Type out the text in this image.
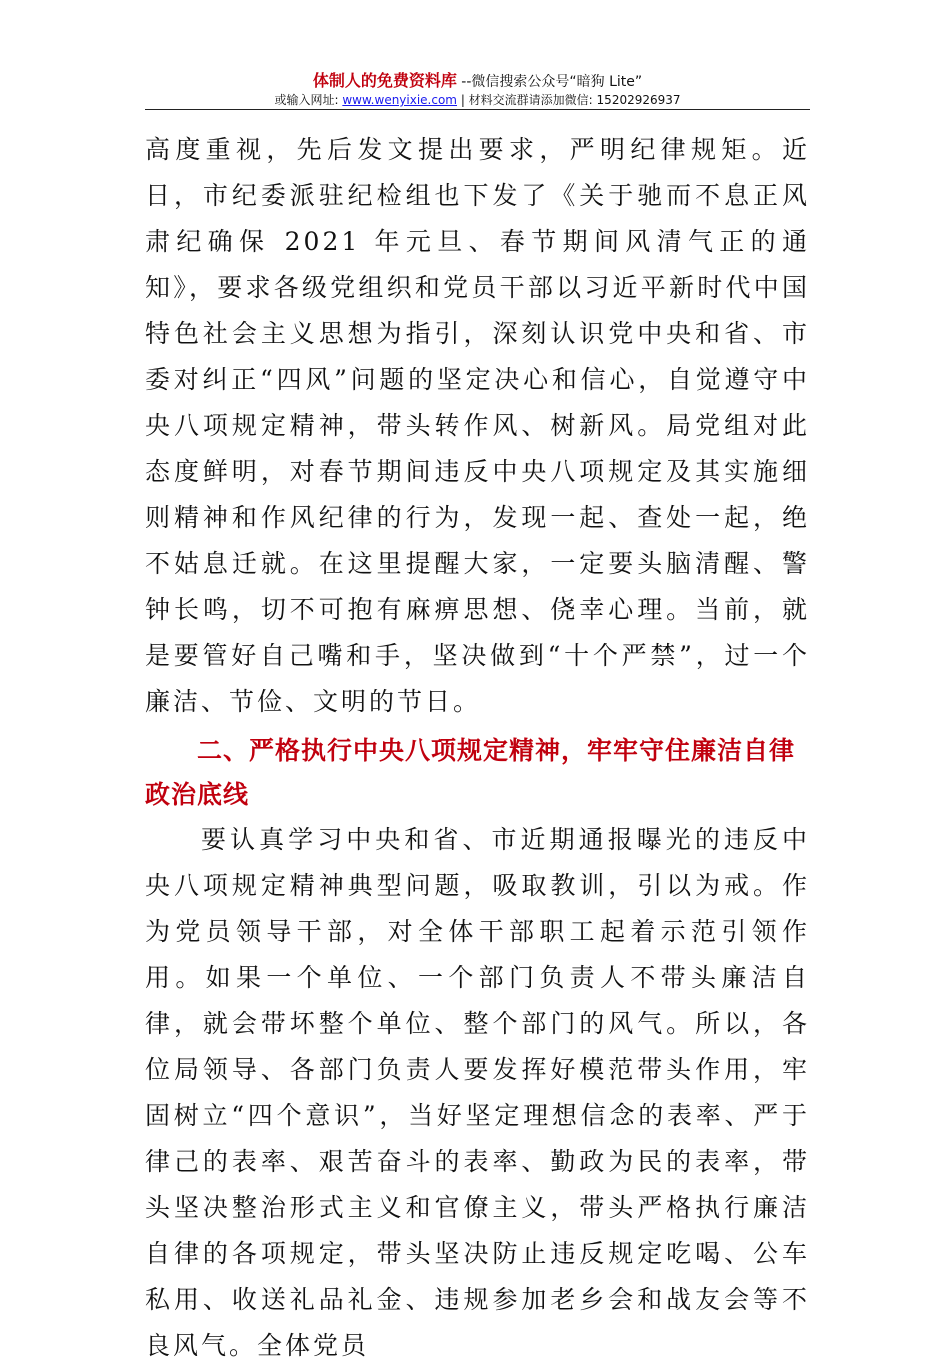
体制人的免费资料库 --微信搜索公众号“暗狗 Lite”
或输入网址: www.wenyixie.com | 材料交流群请添加微信: 15202926937

高度重视，先后发文提出要求，严明纪律规矩。近日，市纪委派驻纪检组也下发了《关于驰而不息正风肃纪确保 2021 年元旦、春节期间风清气正的通知》，要求各级党组织和党员干部以习近平新时代中国特色社会主义思想为指引，深刻认识党中央和省、市委对纠正“四风”问题的坚定决心和信心，自觉遵守中央八项规定精神，带头转作风、树新风。局党组对此态度鲜明，对春节期间违反中央八项规定及其实施细则精神和作风纪律的行为，发现一起、查处一起，绝不姑息迁就。在这里提醒大家，一定要头脑清醒、警钟长鸣，切不可抱有麻痹思想、侥幸心理。当前，就是要管好自己嘴和手，坚决做到“十个严禁”，过一个廉洁、节俭、文明的节日。

二、严格执行中央八项规定精神，牢牢守住廉洁自律政治底线

要认真学习中央和省、市近期通报曝光的违反中央八项规定精神典型问题，吸取教训，引以为戒。作为党员领导干部，对全体干部职工起着示范引领作用。如果一个单位、一个部门负责人不带头廉洁自律，就会带坏整个单位、整个部门的风气。所以，各位局领导、各部门负责人要发挥好模范带头作用，牢固树立“四个意识”，当好坚定理想信念的表率、严于律己的表率、艰苦奋斗的表率、勤政为民的表率，带头坚决整治形式主义和官僚主义，带头严格执行廉洁自律的各项规定，带头坚决防止违反规定吃喝、公车私用、收送礼品礼金、违规参加老乡会和战友会等不良风气。全体党员
